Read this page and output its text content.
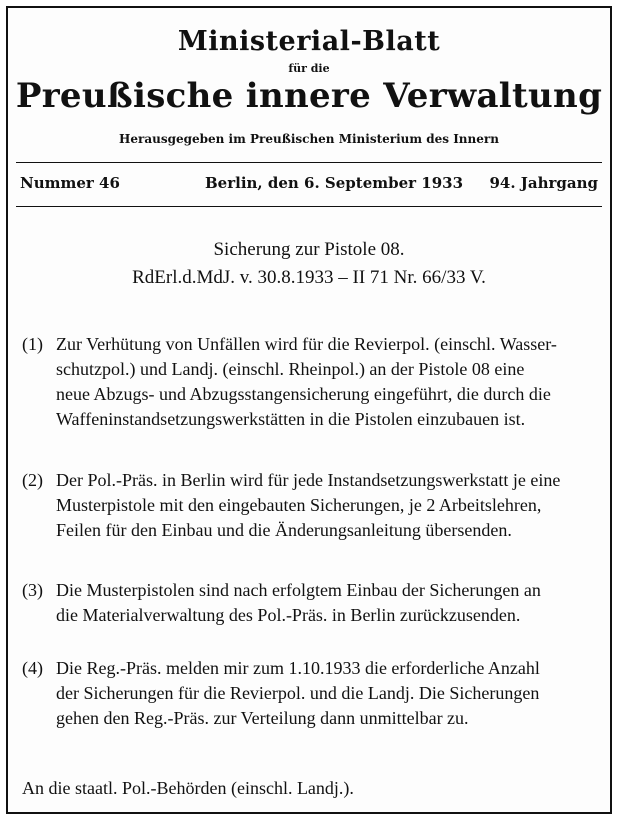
Ministerial-Blatt
für die
Preußische innere Verwaltung
Herausgegeben im Preußischen Ministerium des Innern
Nummer 46	Berlin, den 6. September 1933 94. Jahrgang
Sicherung zur Pistole 08.
RdErl.d.MdJ. v. 30.8.1933 – II 71 Nr. 66/33 V.
(1) Zur Verhütung von Unfällen wird für die Revierpol. (einschl. Wasser-
schutzpol.) und Landj. (einschl. Rheinpol.) an der Pistole 08 eine
neue Abzugs- und Abzugsstangensicherung eingeführt, die durch die
Waffeninstandsetzungswerkstätten in die Pistolen einzubauen ist.
(2) Der Pol.-Präs. in Berlin wird für jede Instandsetzungswerkstatt je eine
Musterpistole mit den eingebauten Sicherungen, je 2 Arbeitslehren,
Feilen für den Einbau und die Änderungsanleitung übersenden.
(3) Die Musterpistolen sind nach erfolgtem Einbau der Sicherungen an
die Materialverwaltung des Pol.-Präs. in Berlin zurückzusenden.
(4) Die Reg.-Präs. melden mir zum 1.10.1933 die erforderliche Anzahl
der Sicherungen für die Revierpol. und die Landj. Die Sicherungen
gehen den Reg.-Präs. zur Verteilung dann unmittelbar zu.
An die staatl. Pol.-Behörden (einschl. Landj.).
